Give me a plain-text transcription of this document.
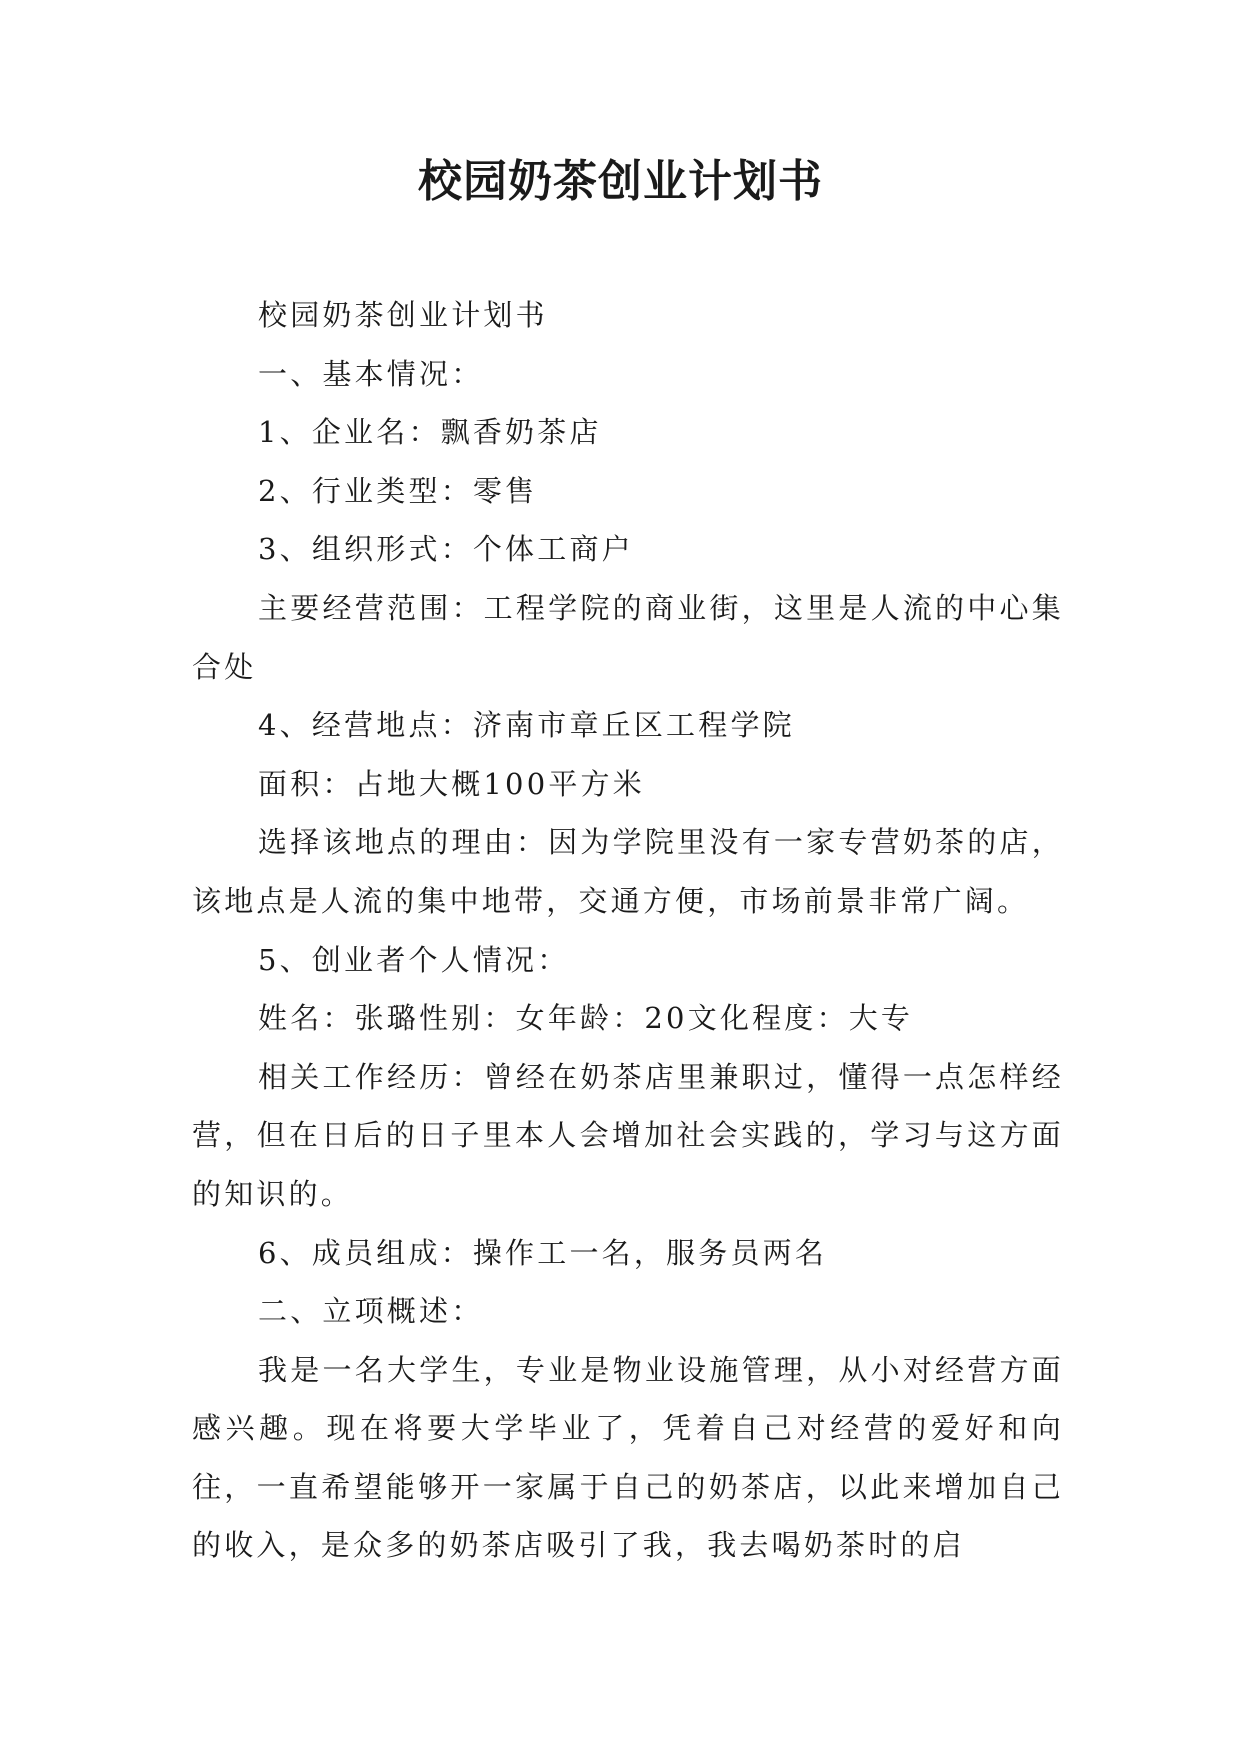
校园奶茶创业计划书

校园奶茶创业计划书

一、基本情况：

1、企业名：飘香奶茶店

2、行业类型：零售

3、组织形式：个体工商户

主要经营范围：工程学院的商业街，这里是人流的中心集合处

4、经营地点：济南市章丘区工程学院

面积：占地大概100平方米

选择该地点的理由：因为学院里没有一家专营奶茶的店，该地点是人流的集中地带，交通方便，市场前景非常广阔。

5、创业者个人情况：

姓名：张璐性别：女年龄：20文化程度：大专

相关工作经历：曾经在奶茶店里兼职过，懂得一点怎样经营，但在日后的日子里本人会增加社会实践的，学习与这方面的知识的。

6、成员组成：操作工一名，服务员两名

二、立项概述：

我是一名大学生，专业是物业设施管理，从小对经营方面感兴趣。现在将要大学毕业了，凭着自己对经营的爱好和向往，一直希望能够开一家属于自己的奶茶店，以此来增加自己的收入，是众多的奶茶店吸引了我，我去喝奶茶时的启
